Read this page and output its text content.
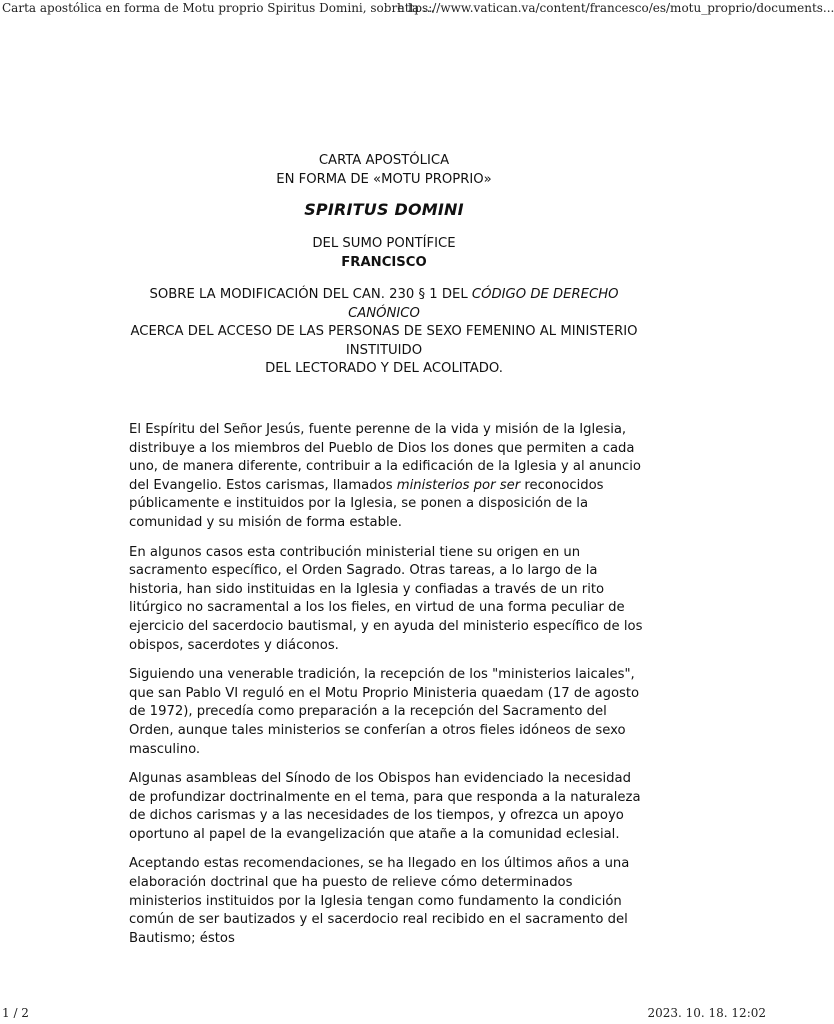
Carta apostólica en forma de Motu proprio Spiritus Domini, sobre la ...
https://www.vatican.va/content/francesco/es/motu_proprio/documents...
CARTA APOSTÓLICA
EN FORMA DE «MOTU PROPRIO»
SPIRITUS DOMINI
DEL SUMO PONTÍFICE
FRANCISCO
SOBRE LA MODIFICACIÓN DEL CAN. 230 § 1 DEL CÓDIGO DE DERECHO CANÓNICO
ACERCA DEL ACCESO DE LAS PERSONAS DE SEXO FEMENINO AL MINISTERIO INSTITUIDO
DEL LECTORADO Y DEL ACOLITADO.

El Espíritu del Señor Jesús, fuente perenne de la vida y misión de la Iglesia, distribuye a los miembros del Pueblo de Dios los dones que permiten a cada uno, de manera diferente, contribuir a la edificación de la Iglesia y al anuncio del Evangelio. Estos carismas, llamados ministerios por ser reconocidos públicamente e instituidos por la Iglesia, se ponen a disposición de la comunidad y su misión de forma estable.

En algunos casos esta contribución ministerial tiene su origen en un sacramento específico, el Orden Sagrado. Otras tareas, a lo largo de la historia, han sido instituidas en la Iglesia y confiadas a través de un rito litúrgico no sacramental a los los fieles, en virtud de una forma peculiar de ejercicio del sacerdocio bautismal, y en ayuda del ministerio específico de los obispos, sacerdotes y diáconos.

Siguiendo una venerable tradición, la recepción de los "ministerios laicales", que san Pablo VI reguló en el Motu Proprio Ministeria quaedam (17 de agosto de 1972), precedía como preparación a la recepción del Sacramento del Orden, aunque tales ministerios se conferían a otros fieles idóneos de sexo masculino.

Algunas asambleas del Sínodo de los Obispos han evidenciado la necesidad de profundizar doctrinalmente en el tema, para que responda a la naturaleza de dichos carismas y a las necesidades de los tiempos, y ofrezca un apoyo oportuno al papel de la evangelización que atañe a la comunidad eclesial.

Aceptando estas recomendaciones, se ha llegado en los últimos años a una elaboración doctrinal que ha puesto de relieve cómo determinados ministerios instituidos por la Iglesia tengan como fundamento la condición común de ser bautizados y el sacerdocio real recibido en el sacramento del Bautismo; éstos

1 / 2	2023. 10. 18. 12:02
